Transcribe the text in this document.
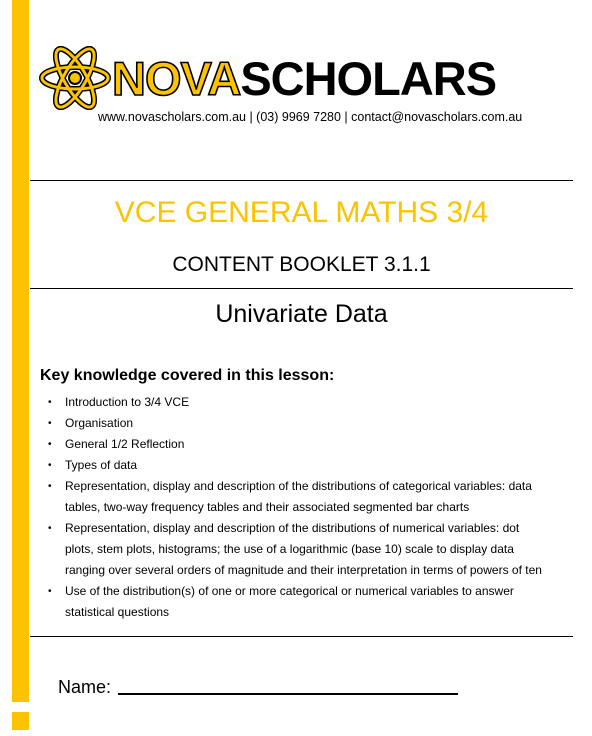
NOVASCHOLARS
www.novascholars.com.au | (03) 9969 7280 | contact@novascholars.com.au
VCE GENERAL MATHS 3/4
CONTENT BOOKLET 3.1.1
Univariate Data
Key knowledge covered in this lesson:
• Introduction to 3/4 VCE
• Organisation
• General 1/2 Reflection
• Types of data
• Representation, display and description of the distributions of categorical variables: data tables, two-way frequency tables and their associated segmented bar charts
• Representation, display and description of the distributions of numerical variables: dot plots, stem plots, histograms; the use of a logarithmic (base 10) scale to display data ranging over several orders of magnitude and their interpretation in terms of powers of ten
• Use of the distribution(s) of one or more categorical or numerical variables to answer statistical questions
Name:
